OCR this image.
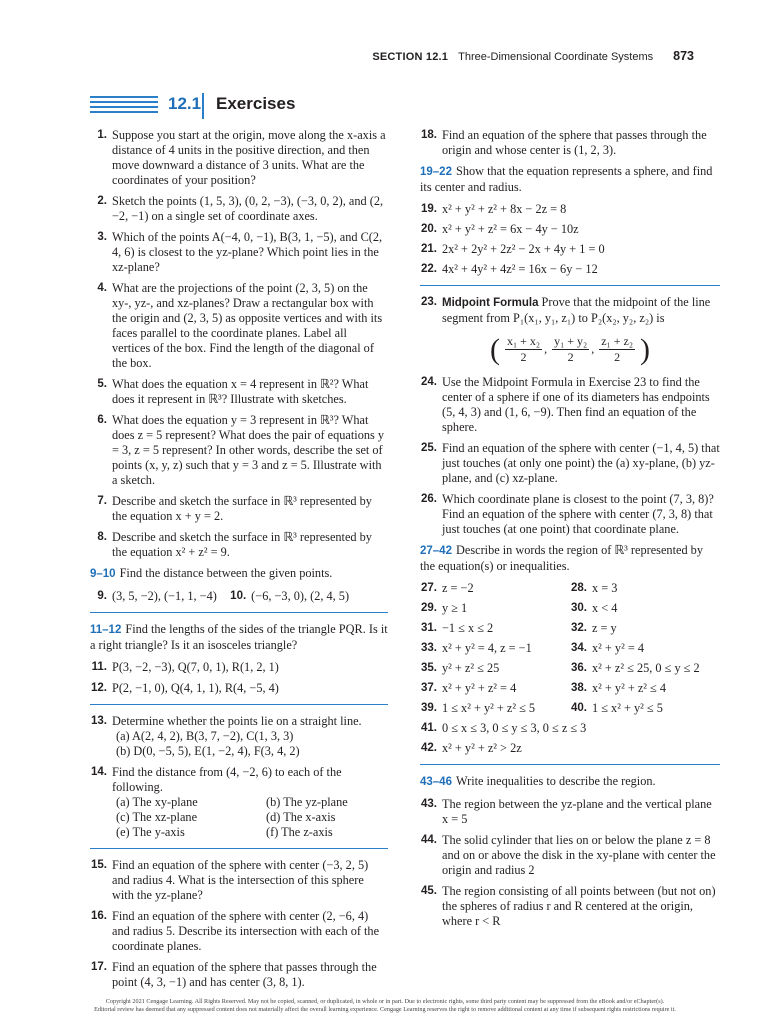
SECTION 12.1 Three-Dimensional Coordinate Systems 873
12.1 Exercises
1. Suppose you start at the origin, move along the x-axis a distance of 4 units in the positive direction, and then move downward a distance of 3 units. What are the coordinates of your position?
2. Sketch the points (1, 5, 3), (0, 2, −3), (−3, 0, 2), and (2, −2, −1) on a single set of coordinate axes.
3. Which of the points A(−4, 0, −1), B(3, 1, −5), and C(2, 4, 6) is closest to the yz-plane? Which point lies in the xz-plane?
4. What are the projections of the point (2, 3, 5) on the xy-, yz-, and xz-planes? Draw a rectangular box with the origin and (2, 3, 5) as opposite vertices and with its faces parallel to the coordinate planes. Label all vertices of the box. Find the length of the diagonal of the box.
5. What does the equation x = 4 represent in ℝ²? What does it represent in ℝ³? Illustrate with sketches.
6. What does the equation y = 3 represent in ℝ³? What does z = 5 represent? What does the pair of equations y = 3, z = 5 represent? In other words, describe the set of points (x, y, z) such that y = 3 and z = 5. Illustrate with a sketch.
7. Describe and sketch the surface in ℝ³ represented by the equation x + y = 2.
8. Describe and sketch the surface in ℝ³ represented by the equation x² + z² = 9.
9–10 Find the distance between the given points.
9. (3, 5, −2), (−1, 1, −4)	10. (−6, −3, 0), (2, 4, 5)
11–12 Find the lengths of the sides of the triangle PQR. Is it a right triangle? Is it an isosceles triangle?
11. P(3, −2, −3), Q(7, 0, 1), R(1, 2, 1)
12. P(2, −1, 0), Q(4, 1, 1), R(4, −5, 4)
13. Determine whether the points lie on a straight line.
(a) A(2, 4, 2), B(3, 7, −2), C(1, 3, 3)
(b) D(0, −5, 5), E(1, −2, 4), F(3, 4, 2)
14. Find the distance from (4, −2, 6) to each of the following.
(a) The xy-plane	(b) The yz-plane
(c) The xz-plane	(d) The x-axis
(e) The y-axis	(f) The z-axis
15. Find an equation of the sphere with center (−3, 2, 5) and radius 4. What is the intersection of this sphere with the yz-plane?
16. Find an equation of the sphere with center (2, −6, 4) and radius 5. Describe its intersection with each of the coordinate planes.
17. Find an equation of the sphere that passes through the point (4, 3, −1) and has center (3, 8, 1).
18. Find an equation of the sphere that passes through the origin and whose center is (1, 2, 3).
19–22 Show that the equation represents a sphere, and find its center and radius.
19. x² + y² + z² + 8x − 2z = 8
20. x² + y² + z² = 6x − 4y − 10z
21. 2x² + 2y² + 2z² − 2x + 4y + 1 = 0
22. 4x² + 4y² + 4z² = 16x − 6y − 12
23. Midpoint Formula Prove that the midpoint of the line segment from P₁(x₁, y₁, z₁) to P₂(x₂, y₂, z₂) is
( $\frac{\text{x₁ + x₂}}{2}$ , $\frac{\text{y₁ + y₂}}{2}$ , $\frac{\text{z₁ + z₂}}{2}$ )
24. Use the Midpoint Formula in Exercise 23 to find the center of a sphere if one of its diameters has endpoints (5, 4, 3) and (1, 6, −9). Then find an equation of the sphere.
25. Find an equation of the sphere with center (−1, 4, 5) that just touches (at only one point) the (a) xy-plane, (b) yz-plane, and (c) xz-plane.
26. Which coordinate plane is closest to the point (7, 3, 8)? Find an equation of the sphere with center (7, 3, 8) that just touches (at one point) that coordinate plane.
27–42 Describe in words the region of ℝ³ represented by the equation(s) or inequalities.
27. z = −2	28. x = 3
29. y ≥ 1	30. x < 4
31. −1 ≤ x ≤ 2	32. z = y
33. x² + y² = 4, z = −1	34. x² + y² = 4
35. y² + z² ≤ 25	36. x² + z² ≤ 25, 0 ≤ y ≤ 2
37. x² + y² + z² = 4	38. x² + y² + z² ≤ 4
39. 1 ≤ x² + y² + z² ≤ 5	40. 1 ≤ x² + y² ≤ 5
41. 0 ≤ x ≤ 3, 0 ≤ y ≤ 3, 0 ≤ z ≤ 3
42. x² + y² + z² > 2z
43–46 Write inequalities to describe the region.
43. The region between the yz-plane and the vertical plane x = 5
44. The solid cylinder that lies on or below the plane z = 8 and on or above the disk in the xy-plane with center the origin and radius 2
45. The region consisting of all points between (but not on) the spheres of radius r and R centered at the origin, where r < R
Copyright 2021 Cengage Learning. All Rights Reserved. May not be copied, scanned, or duplicated, in whole or in part. Due to electronic rights, some third party content may be suppressed from the eBook and/or eChapter(s).
Editorial review has deemed that any suppressed content does not materially affect the overall learning experience. Cengage Learning reserves the right to remove additional content at any time if subsequent rights restrictions require it.
